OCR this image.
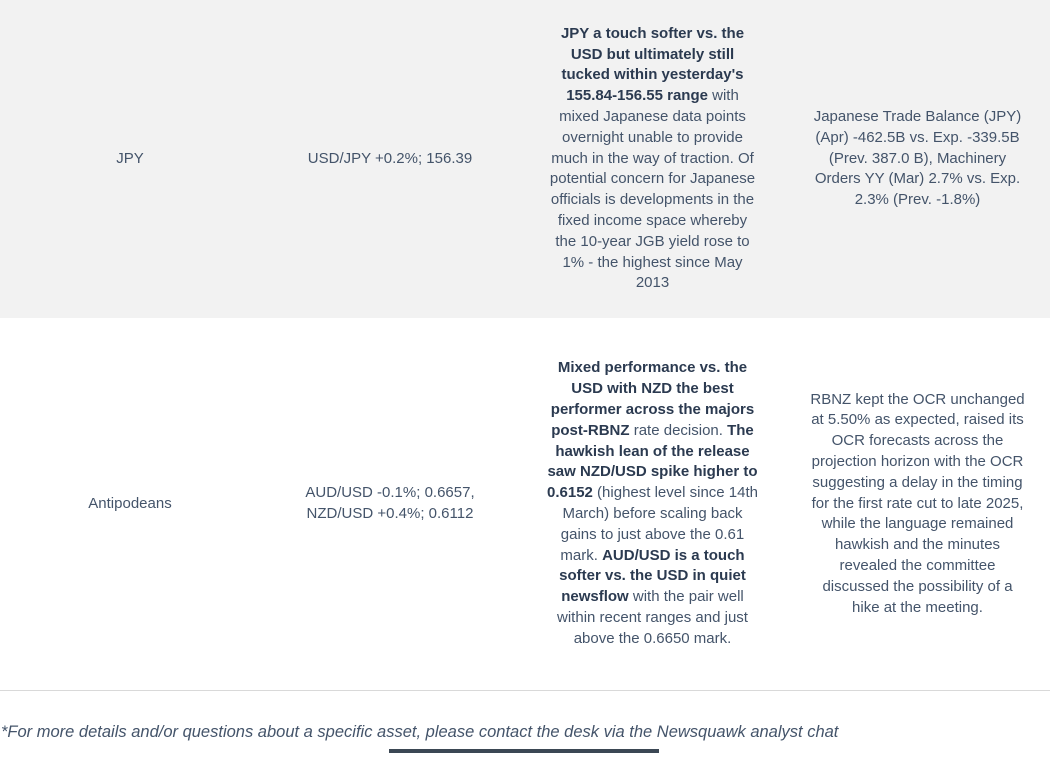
JPY	USD/JPY +0.2%; 156.39
JPY a touch softer vs. the USD but ultimately still tucked within yesterday's 155.84-156.55 range with mixed Japanese data points overnight unable to provide much in the way of traction. Of potential concern for Japanese officials is developments in the fixed income space whereby the 10-year JGB yield rose to 1% - the highest since May 2013
Japanese Trade Balance (JPY)(Apr) -462.5B vs. Exp. -339.5B (Prev. 387.0 B), Machinery Orders YY (Mar) 2.7% vs. Exp. 2.3% (Prev. -1.8%)
Antipodeans
AUD/USD -0.1%; 0.6657, NZD/USD +0.4%; 0.6112
Mixed performance vs. the USD with NZD the best performer across the majors post-RBNZ rate decision. The hawkish lean of the release saw NZD/USD spike higher to 0.6152 (highest level since 14th March) before scaling back gains to just above the 0.61 mark. AUD/USD is a touch softer vs. the USD in quiet newsflow with the pair well within recent ranges and just above the 0.6650 mark.
RBNZ kept the OCR unchanged at 5.50% as expected, raised its OCR forecasts across the projection horizon with the OCR suggesting a delay in the timing for the first rate cut to late 2025, while the language remained hawkish and the minutes revealed the committee discussed the possibility of a hike at the meeting.
*For more details and/or questions about a specific asset, please contact the desk via the Newsquawk analyst chat
